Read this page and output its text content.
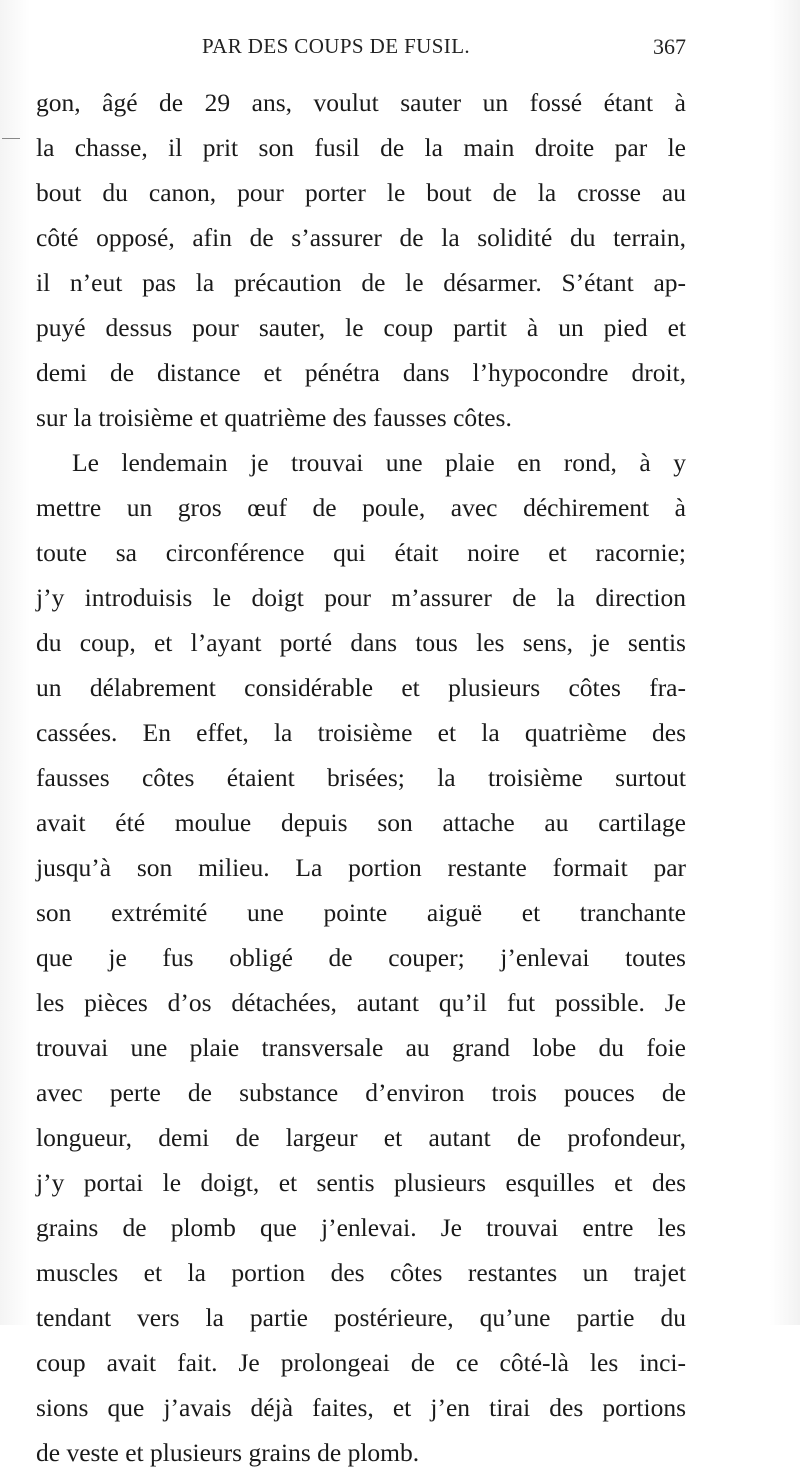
PAR DES COUPS DE FUSIL.	367
gon, âgé de 29 ans, voulut sauter un fossé étant à
la chasse, il prit son fusil de la main droite par le
bout du canon, pour porter le bout de la crosse au
côté opposé, afin de s’assurer de la solidité du terrain,
il n’eut pas la précaution de le désarmer. S’étant ap-
puyé dessus pour sauter, le coup partit à un pied et
demi de distance et pénétra dans l’hypocondre droit,
sur la troisième et quatrième des fausses côtes.
Le lendemain je trouvai une plaie en rond, à y
mettre un gros œuf de poule, avec déchirement à
toute sa circonférence qui était noire et racornie;
j’y introduisis le doigt pour m’assurer de la direction
du coup, et l’ayant porté dans tous les sens, je sentis
un délabrement considérable et plusieurs côtes fra-
cassées. En effet, la troisième et la quatrième des
fausses côtes étaient brisées; la troisième surtout
avait été moulue depuis son attache au cartilage
jusqu’à son milieu. La portion restante formait par
son extrémité une pointe aiguë et tranchante
que je fus obligé de couper; j’enlevai toutes
les pièces d’os détachées, autant qu’il fut possible. Je
trouvai une plaie transversale au grand lobe du foie
avec perte de substance d’environ trois pouces de
longueur, demi de largeur et autant de profondeur,
j’y portai le doigt, et sentis plusieurs esquilles et des
grains de plomb que j’enlevai. Je trouvai entre les
muscles et la portion des côtes restantes un trajet
tendant vers la partie postérieure, qu’une partie du
coup avait fait. Je prolongeai de ce côté-là les inci-
sions que j’avais déjà faites, et j’en tirai des portions
de veste et plusieurs grains de plomb.
